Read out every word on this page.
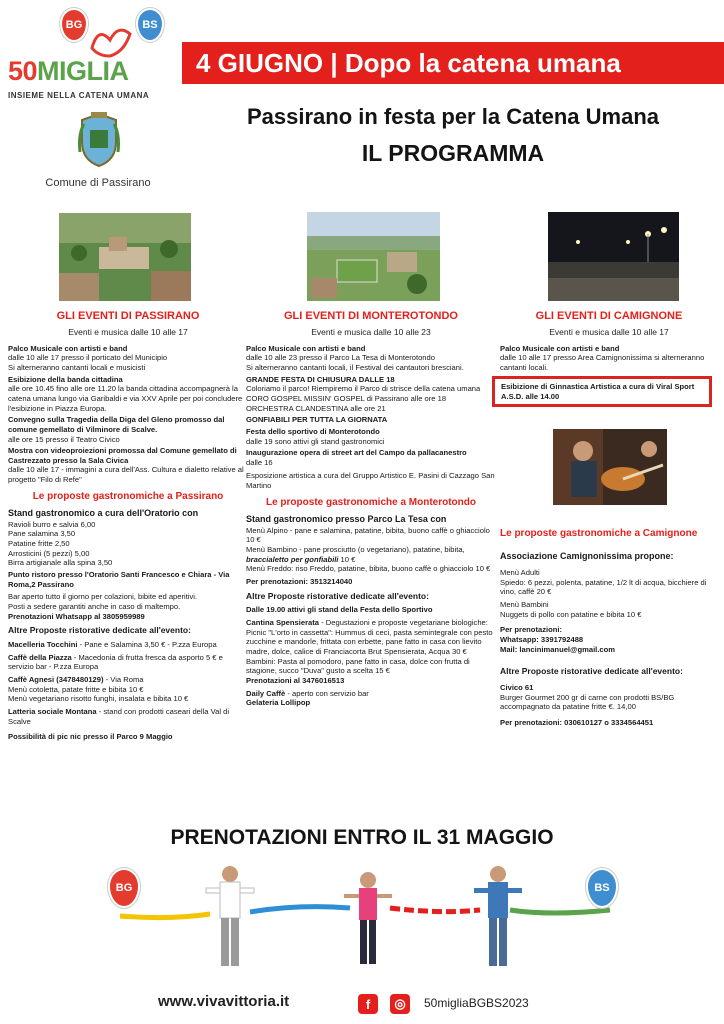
BG	BS
50MIGLIA
INSIEME NELLA CATENA UMANA
4 GIUGNO | Dopo la catena umana
Passirano in festa per la Catena Umana
IL PROGRAMMA
Comune di Passirano
GLI EVENTI DI PASSIRANO
Eventi e musica dalle 10 alle 17

Palco Musicale con artisti e band
dalle 10 alle 17 presso il porticato del Municipio
Si alterneranno cantanti locali e musicisti

Esibizione della banda cittadina
alle ore 10.45 fino alle ore 11.20 la banda cittadina accompagnerà la catena umana lungo via Garibaldi e via XXV Aprile per poi concludere l'esibizione in Piazza Europa.

Convegno sulla Tragedia della Diga del Gleno promosso dal comune gemellato di Vilminore di Scalve.
alle ore 15 presso il Teatro Civico

Mostra con videoproiezioni promossa dal Comune gemellato di Castrezzato presso la Sala Civica
dalle 10 alle 17 - immagini a cura dell'Ass. Cultura e dialetto relative al progetto "Filo di Refe"

Le proposte gastronomiche a Passirano
Stand gastronomico a cura dell'Oratorio con

Ravioli burro e salvia 6,00
Pane salamina 3,50
Patatine fritte 2,50
Arrosticini (5 pezzi) 5,00
Birra artigianale alla spina 3,50

Punto ristoro presso l'Oratorio Santi Francesco e Chiara - Via Roma,2 Passirano

Bar aperto tutto il giorno per colazioni, bibite ed aperitivi.
Posti a sedere garantiti anche in caso di maltempo.
Prenotazioni Whatsapp al 3805959989

Altre Proposte ristorative dedicate all'evento:

Macelleria Tocchini - Pane e Salamina 3,50 € - P.zza Europa

Caffè della Piazza - Macedonia di frutta fresca da asporto 5 € e servizio bar - P.zza Europa

Caffè Agnesi (3478480129) - Via Roma
Menù cotoletta, patate fritte e bibita 10 €
Menù vegetariano risotto funghi, insalata e bibita 10 €

Latteria sociale Montana - stand con prodotti caseari della Val di Scalve

Possibilità di pic nic presso il Parco 9 Maggio

GLI EVENTI DI MONTEROTONDO
Eventi e musica dalle 10 alle 23

Palco Musicale con artisti e band
dalle 10 alle 23 presso il Parco La Tesa di Monterotondo
Si alterneranno cantanti locali, il Festival dei cantautori bresciani.

GRANDE FESTA DI CHIUSURA DALLE 18
Coloriamo il parco! Riempiremo il Parco di strisce della catena umana
CORO GOSPEL MISSIN' GOSPEL di Passirano alle ore 18
ORCHESTRA CLANDESTINA alle ore 21

GONFIABILI PER TUTTA LA GIORNATA

Festa dello sportivo di Monterotondo
dalle 19 sono attivi gli stand gastronomici

Inaugurazione opera di street art del Campo da pallacanestro
dalle 16

Esposizione artistica a cura del Gruppo Artistico E. Pasini di Cazzago San Martino

Le proposte gastronomiche a Monterotondo
Stand gastronomico presso Parco La Tesa con

Menù Alpino - pane e salamina, patatine, bibita, buono caffè o ghiacciolo 10 €
Menù Bambino - pane prosciutto (o vegetariano), patatine, bibita, braccialetto per gonfiabili 10 €
Menù Freddo: riso Freddo, patatine, bibita, buono caffè o ghiacciolo 10 €

Per prenotazioni: 3513214040

Altre Proposte ristorative dedicate all'evento:

Dalle 19.00 attivi gli stand della Festa dello Sportivo

Cantina Spensierata - Degustazioni e proposte vegetariane biologiche:
Picnic "L'orto in cassetta": Hummus di ceci, pasta semintegrale con pesto zucchine e mandorle, frittata con erbette, pane fatto in casa con lievito madre, dolce, calice di Franciacorta Brut Spensierata, Acqua 30 €
Bambini: Pasta al pomodoro, pane fatto in casa, dolce con frutta di stagione, succo "Duva" gusto a scelta 15 €
Prenotazioni al 3476016513

Daily Caffè - aperto con servizio bar
Gelateria Lollipop

GLI EVENTI DI CAMIGNONE
Eventi e musica dalle 10 alle 17

Palco Musicale con artisti e band
dalle 10 alle 17 presso Area Camignonissima si alterneranno cantanti locali.

Esibizione di Ginnastica Artistica a cura di Viral Sport A.S.D. alle 14.00
Le proposte gastronomiche a Camignone
Associazione Camignonissima propone:

Menù Adulti
Spiedo: 6 pezzi, polenta, patatine, 1/2 lt di acqua, bicchiere di vino, caffè 20 €

Menù Bambini
Nuggets di pollo con patatine e bibita 10 €

Per prenotazioni:
Whatsapp: 3391792488
Mail: lancinimanuel@gmail.com

Altre Proposte ristorative dedicate all'evento:

Civico 61
Burger Gourmet 200 gr di carne con prodotti BS/BG accompagnato da patatine fritte €. 14,00

Per prenotazioni: 030610127 o 3334564451

PRENOTAZIONI ENTRO IL 31 MAGGIO
BG	BS
www.vivavittoria.it	f	◎	50migliaBGBS2023
